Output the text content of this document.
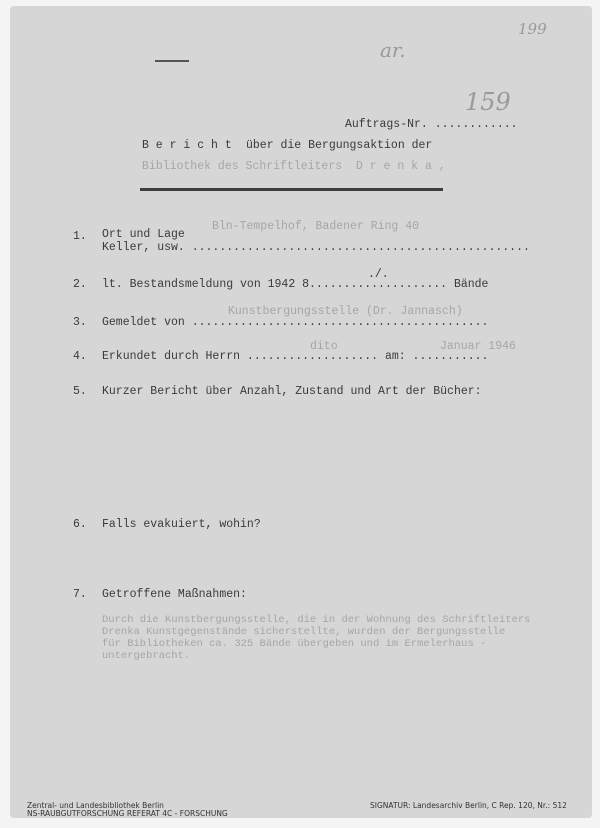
199
ar.
159
Auftrags-Nr. ............
B e r i c h t über die Bergungsaktion der
Bibliothek des Schriftleiters  D r e n k a ,
Bln-Tempelhof, Badener Ring 40
1. Ort und Lage
Keller, usw. .................................................
./.
2. lt. Bestandsmeldung von 1942 8.................... Bände
Kunstbergungsstelle (Dr. Jannasch)
3. Gemeldet von ...........................................
dito	Januar 1946
4. Erkundet durch Herrn ................... am: ...........
5. Kurzer Bericht über Anzahl, Zustand und Art der Bücher:
6. Falls evakuiert, wohin?
7. Getroffene Maßnahmen:
Durch die Kunstbergungsstelle, die in der Wohnung des Schriftleiters
Drenka Kunstgegenstände sicherstellte, wurden der Bergungsstelle
für Bibliotheken ca. 325 Bände übergeben und im Ermelerhaus -
untergebracht.
Zentral- und Landesbibliothek Berlin
NS-RAUBGUTFORSCHUNG REFERAT 4C - FORSCHUNG
SIGNATUR: Landesarchiv Berlin, C Rep. 120, Nr.: 512
